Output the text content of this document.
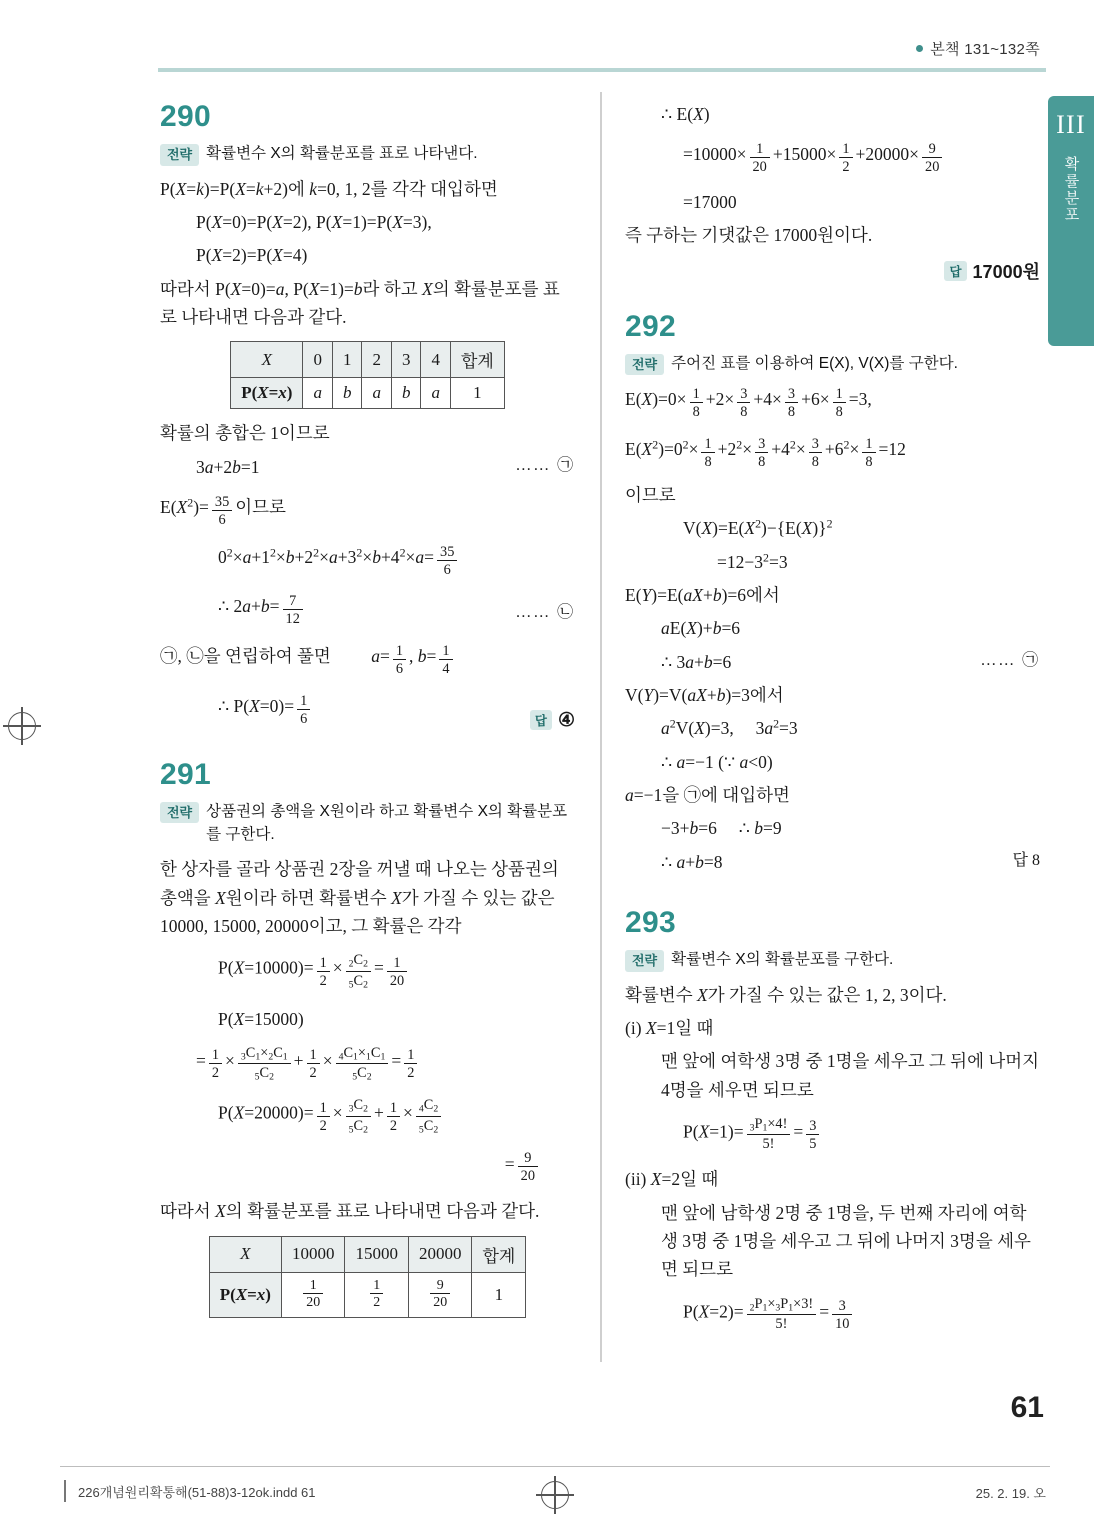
본책 131~132쪽
III
확률분포
290
전략 확률변수 X의 확률분포를 표로 나타낸다.

P(X=k)=P(X=k+2)에 k=0, 1, 2를 각각 대입하면

P(X=0)=P(X=2), P(X=1)=P(X=3),

P(X=2)=P(X=4)

따라서 P(X=0)=a, P(X=1)=b라 하고 X의 확률분포를 표로 나타내면 다음과 같다.

X	0	1	2	3	4	합계
P(X=x)	a	b	a	b	a	1

확률의 총합은 1이므로

3a+2b=1	…… ㉠

$E(X^2)= \frac{35}{6}$ 이므로

$0^2\times a+1^2\times b+2^2\times a+3^2\times b+4^2\times a= \frac{35}{6}$

∴ $2a+b= \frac{7}{12}$	…… ㉡

㉠, ㉡을 연립하여 풀면 $a= \frac{1}{6}$ , $b= \frac{1}{4}$

∴ $P(X=0)= \frac{1}{6}$	답 ④
291
전략 상품권의 총액을 X원이라 하고 확률변수 X의 확률분포를 구한다.

한 상자를 골라 상품권 2장을 꺼낼 때 나오는 상품권의 총액을 X원이라 하면 확률변수 X가 가질 수 있는 값은 10000, 15000, 20000이고, 그 확률은 각각

$P(X=10000)= \frac{1}{2} \times \frac{_2C_2}{_5C_2} = \frac{1}{20}$

P(X=15000)

= $\frac{1}{2} \times \frac{_3C_1\times_2C_1}{_5C_2} + \frac{1}{2} \times \frac{_4C_1\times_1C_1}{_5C_2} = \frac{1}{2}$

$P(X=20000)= \frac{1}{2} \times \frac{_3C_2}{_5C_2} + \frac{1}{2} \times \frac{_4C_2}{_5C_2}$

= $\frac{9}{20}$

따라서 X의 확률분포를 표로 나타내면 다음과 같다.

X	10000	15000	20000	합계
P(X=x)	$\frac{1}{20}$	$\frac{1}{2}$	$\frac{9}{20}$	1

∴ E(X)

$=10000\times \frac{1}{20} +15000\times \frac{1}{2} +20000\times \frac{9}{20}$

=17000

즉 구하는 기댓값은 17000원이다.

답 17000원
292
전략 주어진 표를 이용하여 E(X), V(X)를 구한다.

$E(X)=0\times \frac{1}{8} +2\times \frac{3}{8} +4\times \frac{3}{8} +6\times \frac{1}{8} =3$,

$E(X^2)=0^2\times \frac{1}{8} +2^2\times \frac{3}{8} +4^2\times \frac{3}{8} +6^2\times \frac{1}{8} =12$

이므로

$V(X)=E(X^2)-\{E(X)\}^2$

$=12-3^2=3$

E(Y)=E(aX+b)=6에서

aE(X)+b=6

∴ 3a+b=6	…… ㉠

V(Y)=V(aX+b)=3에서

$a^2V(X)=3$,     $3a^2=3$

∴ a=−1 (∵ a<0)

a=−1을 ㉠에 대입하면

−3+b=6     ∴ b=9

∴ a+b=8	답 8

293
전략 확률변수 X의 확률분포를 구한다.

확률변수 X가 가질 수 있는 값은 1, 2, 3이다.

(i) X=1일 때

맨 앞에 여학생 3명 중 1명을 세우고 그 뒤에 나머지 4명을 세우면 되므로

$P(X=1)= \frac{_3P_1\times 4!}{5!} = \frac{3}{5}$

(ii) X=2일 때

맨 앞에 남학생 2명 중 1명을, 두 번째 자리에 여학생 3명 중 1명을 세우고 그 뒤에 나머지 3명을 세우면 되므로

$P(X=2)= \frac{_2P_1\times_3P_1\times 3!}{5!} = \frac{3}{10}$

61
226개념원리확통해(51-88)3-12ok.indd 61	25. 2. 19. 오
